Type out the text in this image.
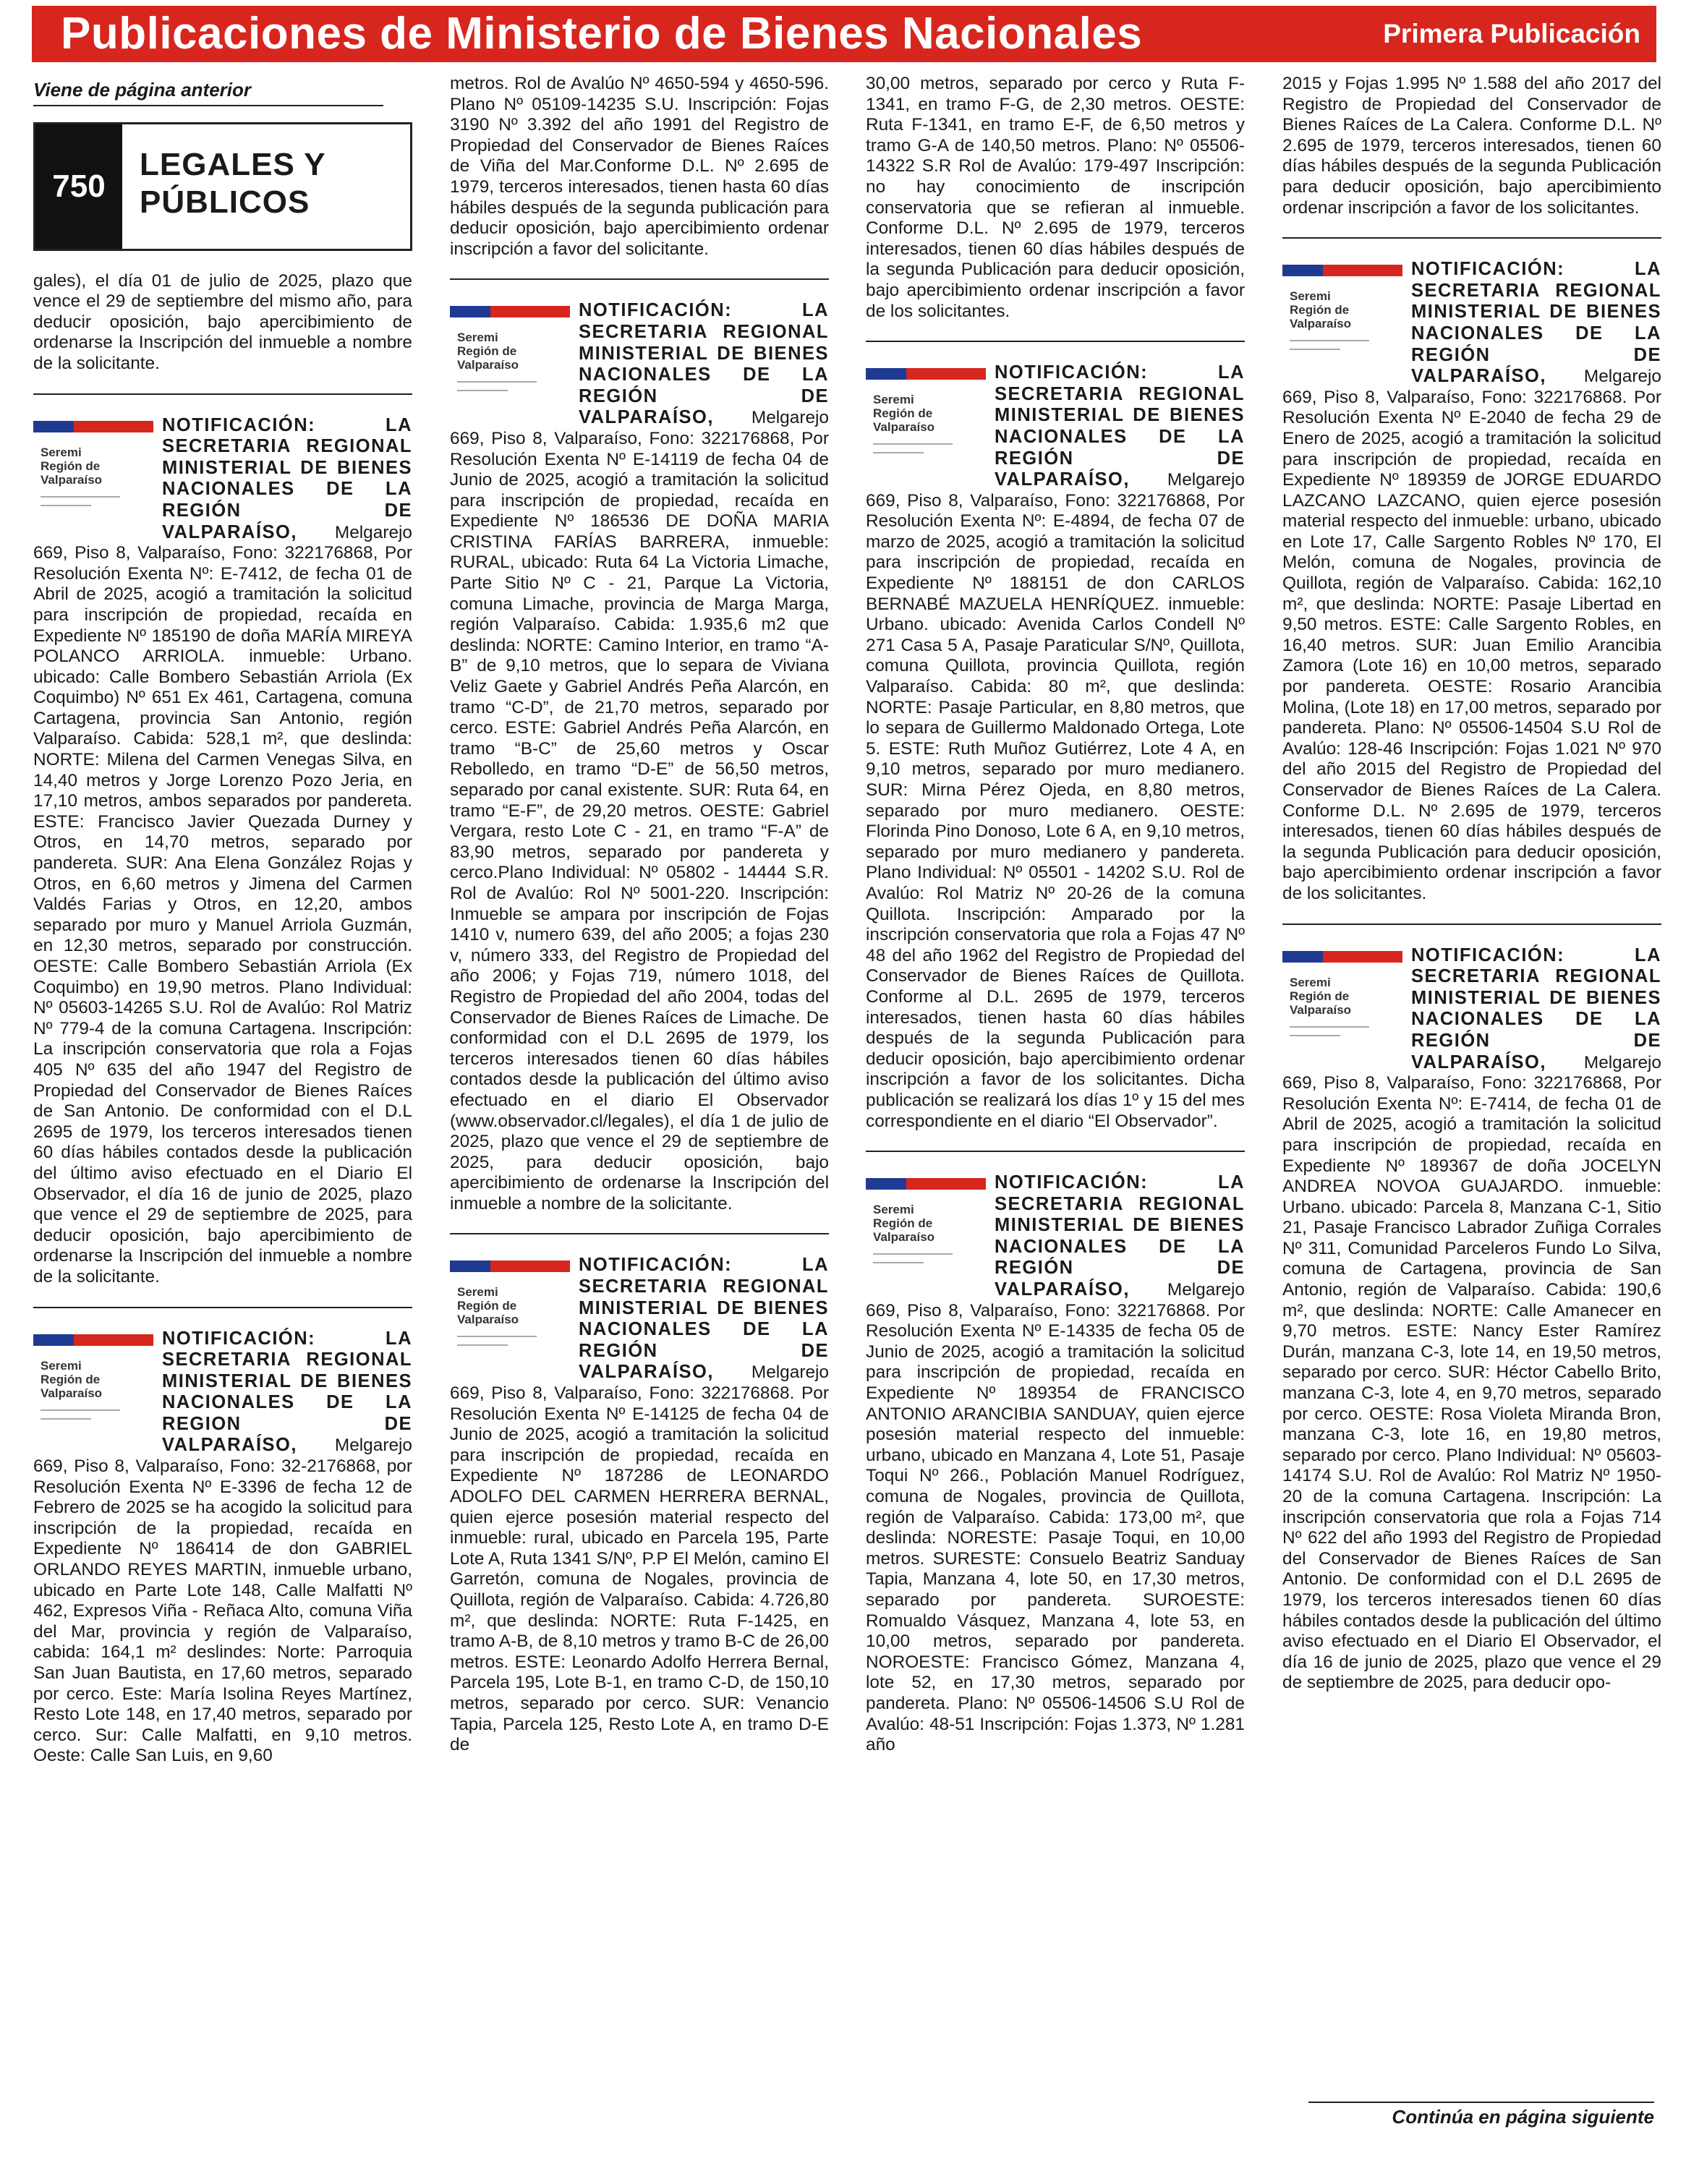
Publicaciones de Ministerio de Bienes Nacionales	Primera Publicación
Viene de página anterior
750
LEGALES Y
PÚBLICOS

gales), el día 01 de julio de 2025, plazo que vence el 29 de septiembre del mismo año, para deducir oposición, bajo apercibimiento de ordenarse la Inscripción del inmueble a nombre de la solicitante.

Seremi
Región de
Valparaíso

NOTIFICACIÓN: LA SECRETARIA REGIONAL MINISTERIAL DE BIENES NACIONALES DE LA REGIÓN DE VALPARAÍSO, Melgarejo 669, Piso 8, Valparaíso, Fono: 322176868, Por Resolución Exenta Nº: E-7412, de fecha 01 de Abril de 2025, acogió a tramitación la solicitud para inscripción de propiedad, recaída en Expediente Nº 185190 de doña MARÍA MIREYA POLANCO ARRIOLA. inmueble: Urbano. ubicado: Calle Bombero Sebastián Arriola (Ex Coquimbo) Nº 651 Ex 461, Cartagena, comuna Cartagena, provincia San Antonio, región Valparaíso. Cabida: 528,1 m², que deslinda: NORTE: Milena del Carmen Venegas Silva, en 14,40 metros y Jorge Lorenzo Pozo Jeria, en 17,10 metros, ambos separados por pandereta. ESTE: Francisco Javier Quezada Durney y Otros, en 14,70 metros, separado por pandereta. SUR: Ana Elena González Rojas y Otros, en 6,60 metros y Jimena del Carmen Valdés Farias y Otros, en 12,20, ambos separado por muro y Manuel Arriola Guzmán, en 12,30 metros, separado por construcción. OESTE: Calle Bombero Sebastián Arriola (Ex Coquimbo) en 19,90 metros. Plano Individual: Nº 05603-14265 S.U. Rol de Avalúo: Rol Matriz Nº 779-4 de la comuna Cartagena. Inscripción: La inscripción conservatoria que rola a Fojas 405 Nº 635 del año 1947 del Registro de Propiedad del Conservador de Bienes Raíces de San Antonio. De conformidad con el D.L 2695 de 1979, los terceros interesados tienen 60 días hábiles contados desde la publicación del último aviso efectuado en el Diario El Observador, el día 16 de junio de 2025, plazo que vence el 29 de septiembre de 2025, para deducir oposición, bajo apercibimiento de ordenarse la Inscripción del inmueble a nombre de la solicitante.

Seremi
Región de
Valparaíso

NOTIFICACIÓN: LA SECRETARIA REGIONAL MINISTERIAL DE BIENES NACIONALES DE LA REGION DE VALPARAÍSO, Melgarejo 669, Piso 8, Valparaíso, Fono: 32-2176868, por Resolución Exenta Nº E-3396 de fecha 12 de Febrero de 2025 se ha acogido la solicitud para inscripción de la propiedad, recaída en Expediente Nº 186414 de don GABRIEL ORLANDO REYES MARTIN, inmueble urbano, ubicado en Parte Lote 148, Calle Malfatti Nº 462, Expresos Viña - Reñaca Alto, comuna Viña del Mar, provincia y región de Valparaíso, cabida: 164,1 m² deslindes: Norte: Parroquia San Juan Bautista, en 17,60 metros, separado por cerco. Este: María Isolina Reyes Martínez, Resto Lote 148, en 17,40 metros, separado por cerco. Sur: Calle Malfatti, en 9,10 metros. Oeste: Calle San Luis, en 9,60

metros. Rol de Avalúo Nº 4650-594 y 4650-596. Plano Nº 05109-14235 S.U. Inscripción: Fojas 3190 Nº 3.392 del año 1991 del Registro de Propiedad del Conservador de Bienes Raíces de Viña del Mar.Conforme D.L. Nº 2.695 de 1979, terceros interesados, tienen hasta 60 días hábiles después de la segunda publicación para deducir oposición, bajo apercibimiento ordenar inscripción a favor del solicitante.

Seremi
Región de
Valparaíso

NOTIFICACIÓN: LA SECRETARIA REGIONAL MINISTERIAL DE BIENES NACIONALES DE LA REGIÓN DE VALPARAÍSO, Melgarejo 669, Piso 8, Valparaíso, Fono: 322176868, Por Resolución Exenta Nº E-14119 de fecha 04 de Junio de 2025, acogió a tramitación la solicitud para inscripción de propiedad, recaída en Expediente Nº 186536 DE DOÑA MARIA CRISTINA FARÍAS BARRERA, inmueble: RURAL, ubicado: Ruta 64 La Victoria Limache, Parte Sitio Nº C - 21, Parque La Victoria, comuna Limache, provincia de Marga Marga, región Valparaíso. Cabida: 1.935,6 m2 que deslinda: NORTE: Camino Interior, en tramo “A-B” de 9,10 metros, que lo separa de Viviana Veliz Gaete y Gabriel Andrés Peña Alarcón, en tramo “C-D”, de 21,70 metros, separado por cerco. ESTE: Gabriel Andrés Peña Alarcón, en tramo “B-C” de 25,60 metros y Oscar Rebolledo, en tramo “D-E” de 56,50 metros, separado por canal existente. SUR: Ruta 64, en tramo “E-F”, de 29,20 metros. OESTE: Gabriel Vergara, resto Lote C - 21, en tramo “F-A” de 83,90 metros, separado por pandereta y cerco.Plano Individual: Nº 05802 - 14444 S.R. Rol de Avalúo: Rol Nº 5001-220. Inscripción: Inmueble se ampara por inscripción de Fojas 1410 v, numero 639, del año 2005; a fojas 230 v, número 333, del Registro de Propiedad del año 2006; y Fojas 719, número 1018, del Registro de Propiedad del año 2004, todas del Conservador de Bienes Raíces de Limache. De conformidad con el D.L 2695 de 1979, los terceros interesados tienen 60 días hábiles contados desde la publicación del último aviso efectuado en el diario El Observador (www.observador.cl/legales), el día 1 de julio de 2025, plazo que vence el 29 de septiembre de 2025, para deducir oposición, bajo apercibimiento de ordenarse la Inscripción del inmueble a nombre de la solicitante.

Seremi
Región de
Valparaíso

NOTIFICACIÓN: LA SECRETARIA REGIONAL MINISTERIAL DE BIENES NACIONALES DE LA REGIÓN DE VALPARAÍSO, Melgarejo 669, Piso 8, Valparaíso, Fono: 322176868. Por Resolución Exenta Nº E-14125 de fecha 04 de Junio de 2025, acogió a tramitación la solicitud para inscripción de propiedad, recaída en Expediente Nº 187286 de LEONARDO ADOLFO DEL CARMEN HERRERA BERNAL, quien ejerce posesión material respecto del inmueble: rural, ubicado en Parcela 195, Parte Lote A, Ruta 1341 S/Nº, P.P El Melón, camino El Garretón, comuna de Nogales, provincia de Quillota, región de Valparaíso. Cabida: 4.726,80 m², que deslinda: NORTE: Ruta F-1425, en tramo A-B, de 8,10 metros y tramo B-C de 26,00 metros. ESTE: Leonardo Adolfo Herrera Bernal, Parcela 195, Lote B-1, en tramo C-D, de 150,10 metros, separado por cerco. SUR: Venancio Tapia, Parcela 125, Resto Lote A, en tramo D-E de

30,00 metros, separado por cerco y Ruta F-1341, en tramo F-G, de 2,30 metros. OESTE: Ruta F-1341, en tramo E-F, de 6,50 metros y tramo G-A de 140,50 metros. Plano: Nº 05506-14322 S.R Rol de Avalúo: 179-497 Inscripción: no hay conocimiento de inscripción conservatoria que se refieran al inmueble. Conforme D.L. Nº 2.695 de 1979, terceros interesados, tienen 60 días hábiles después de la segunda Publicación para deducir oposición, bajo apercibimiento ordenar inscripción a favor de los solicitantes.

Seremi
Región de
Valparaíso

NOTIFICACIÓN: LA SECRETARIA REGIONAL MINISTERIAL DE BIENES NACIONALES DE LA REGIÓN DE VALPARAÍSO, Melgarejo 669, Piso 8, Valparaíso, Fono: 322176868, Por Resolución Exenta Nº: E-4894, de fecha 07 de marzo de 2025, acogió a tramitación la solicitud para inscripción de propiedad, recaída en Expediente Nº 188151 de don CARLOS BERNABÉ MAZUELA HENRÍQUEZ. inmueble: Urbano. ubicado: Avenida Carlos Condell Nº 271 Casa 5 A, Pasaje Paraticular S/Nº, Quillota, comuna Quillota, provincia Quillota, región Valparaíso. Cabida: 80 m², que deslinda: NORTE: Pasaje Particular, en 8,80 metros, que lo separa de Guillermo Maldonado Ortega, Lote 5. ESTE: Ruth Muñoz Gutiérrez, Lote 4 A, en 9,10 metros, separado por muro medianero. SUR: Mirna Pérez Ojeda, en 8,80 metros, separado por muro medianero. OESTE: Florinda Pino Donoso, Lote 6 A, en 9,10 metros, separado por muro medianero y pandereta. Plano Individual: Nº 05501 - 14202 S.U. Rol de Avalúo: Rol Matriz Nº 20-26 de la comuna Quillota. Inscripción: Amparado por la inscripción conservatoria que rola a Fojas 47 Nº 48 del año 1962 del Registro de Propiedad del Conservador de Bienes Raíces de Quillota. Conforme al D.L. 2695 de 1979, terceros interesados, tienen hasta 60 días hábiles después de la segunda Publicación para deducir oposición, bajo apercibimiento ordenar inscripción a favor de los solicitantes. Dicha publicación se realizará los días 1º y 15 del mes correspondiente en el diario “El Observador”.

Seremi
Región de
Valparaíso

NOTIFICACIÓN: LA SECRETARIA REGIONAL MINISTERIAL DE BIENES NACIONALES DE LA REGIÓN DE VALPARAÍSO, Melgarejo 669, Piso 8, Valparaíso, Fono: 322176868. Por Resolución Exenta Nº E-14335 de fecha 05 de Junio de 2025, acogió a tramitación la solicitud para inscripción de propiedad, recaída en Expediente Nº 189354 de FRANCISCO ANTONIO ARANCIBIA SANDUAY, quien ejerce posesión material respecto del inmueble: urbano, ubicado en Manzana 4, Lote 51, Pasaje Toqui Nº 266., Población Manuel Rodríguez, comuna de Nogales, provincia de Quillota, región de Valparaíso. Cabida: 173,00 m², que deslinda: NORESTE: Pasaje Toqui, en 10,00 metros. SURESTE: Consuelo Beatriz Sanduay Tapia, Manzana 4, lote 50, en 17,30 metros, separado por pandereta. SUROESTE: Romualdo Vásquez, Manzana 4, lote 53, en 10,00 metros, separado por pandereta. NOROESTE: Francisco Gómez, Manzana 4, lote 52, en 17,30 metros, separado por pandereta. Plano: Nº 05506-14506 S.U Rol de Avalúo: 48-51 Inscripción: Fojas 1.373, Nº 1.281 año

2015 y Fojas 1.995 Nº 1.588 del año 2017 del Registro de Propiedad del Conservador de Bienes Raíces de La Calera. Conforme D.L. Nº 2.695 de 1979, terceros interesados, tienen 60 días hábiles después de la segunda Publicación para deducir oposición, bajo apercibimiento ordenar inscripción a favor de los solicitantes.

Seremi
Región de
Valparaíso

NOTIFICACIÓN: LA SECRETARIA REGIONAL MINISTERIAL DE BIENES NACIONALES DE LA REGIÓN DE VALPARAÍSO, Melgarejo 669, Piso 8, Valparaíso, Fono: 322176868. Por Resolución Exenta Nº E-2040 de fecha 29 de Enero de 2025, acogió a tramitación la solicitud para inscripción de propiedad, recaída en Expediente Nº 189359 de JORGE EDUARDO LAZCANO LAZCANO, quien ejerce posesión material respecto del inmueble: urbano, ubicado en Lote 17, Calle Sargento Robles Nº 170, El Melón, comuna de Nogales, provincia de Quillota, región de Valparaíso. Cabida: 162,10 m², que deslinda: NORTE: Pasaje Libertad en 9,50 metros. ESTE: Calle Sargento Robles, en 16,40 metros. SUR: Juan Emilio Arancibia Zamora (Lote 16) en 10,00 metros, separado por pandereta. OESTE: Rosario Arancibia Molina, (Lote 18) en 17,00 metros, separado por pandereta. Plano: Nº 05506-14504 S.U Rol de Avalúo: 128-46 Inscripción: Fojas 1.021 Nº 970 del año 2015 del Registro de Propiedad del Conservador de Bienes Raíces de La Calera. Conforme D.L. Nº 2.695 de 1979, terceros interesados, tienen 60 días hábiles después de la segunda Publicación para deducir oposición, bajo apercibimiento ordenar inscripción a favor de los solicitantes.

Seremi
Región de
Valparaíso

NOTIFICACIÓN: LA SECRETARIA REGIONAL MINISTERIAL DE BIENES NACIONALES DE LA REGIÓN DE VALPARAÍSO, Melgarejo 669, Piso 8, Valparaíso, Fono: 322176868, Por Resolución Exenta Nº: E-7414, de fecha 01 de Abril de 2025, acogió a tramitación la solicitud para inscripción de propiedad, recaída en Expediente Nº 189367 de doña JOCELYN ANDREA NOVOA GUAJARDO. inmueble: Urbano. ubicado: Parcela 8, Manzana C-1, Sitio 21, Pasaje Francisco Labrador Zuñiga Corrales Nº 311, Comunidad Parceleros Fundo Lo Silva, comuna de Cartagena, provincia de San Antonio, región de Valparaíso. Cabida: 190,6 m², que deslinda: NORTE: Calle Amanecer en 9,70 metros. ESTE: Nancy Ester Ramírez Durán, manzana C-3, lote 14, en 19,50 metros, separado por cerco. SUR: Héctor Cabello Brito, manzana C-3, lote 4, en 9,70 metros, separado por cerco. OESTE: Rosa Violeta Miranda Bron, manzana C-3, lote 16, en 19,80 metros, separado por cerco. Plano Individual: Nº 05603-14174 S.U. Rol de Avalúo: Rol Matriz Nº 1950-20 de la comuna Cartagena. Inscripción: La inscripción conservatoria que rola a Fojas 714 Nº 622 del año 1993 del Registro de Propiedad del Conservador de Bienes Raíces de San Antonio. De conformidad con el D.L 2695 de 1979, los terceros interesados tienen 60 días hábiles contados desde la publicación del último aviso efectuado en el Diario El Observador, el día 16 de junio de 2025, plazo que vence el 29 de septiembre de 2025, para deducir opo-

Continúa en página siguiente
